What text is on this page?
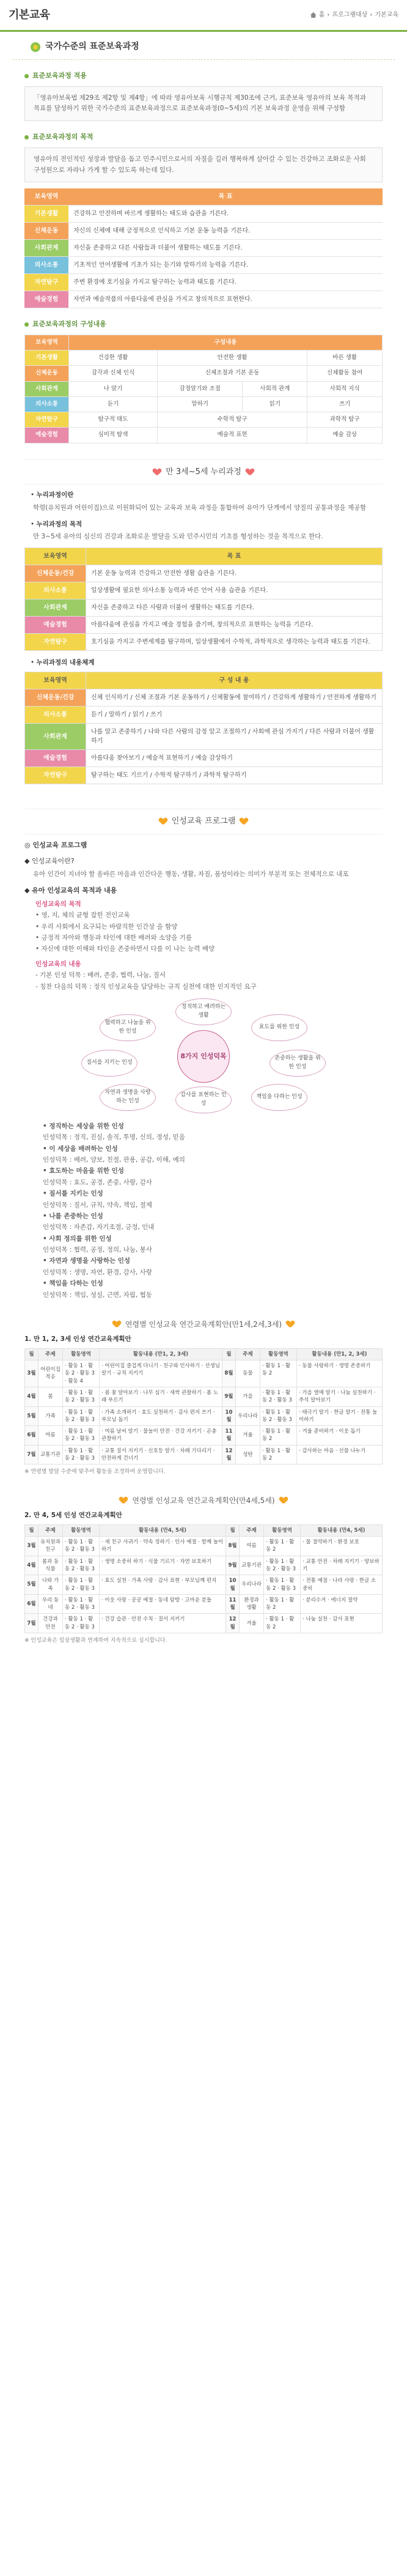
기본교육	홈 › 프로그램대상 › 기본교육
국가수준의 표준보육과정
표준보육과정 적용
「영유아보육법 제29조 제2항 및 제4항」에 따라 영유아보육 시행규칙 제30조에 근거, 표준보육 영유아의 보육 목적과 목표를 달성하기 위한 국가수준의 표준보육과정으로 표준보육과정(0~5세)의 기본 보육과정 운영을 위해 구성함
표준보육과정의 목적
영유아의 전인적인 성장과 발달을 돕고 민주시민으로서의 자질을 길러 행복하게 살아갈 수 있는 건강하고 조화로운 사회 구성원으로 자라나 가게 할 수 있도록 하는데 있다.
보육영역	목 표
기본생활	건강하고 안전하며 바르게 생활하는 태도와 습관을 기른다.
신체운동	자신의 신체에 대해 긍정적으로 인식하고 기본 운동 능력을 기른다.
사회관계	자신을 존중하고 다른 사람들과 더불어 생활하는 태도를 기른다.
의사소통	기초적인 언어생활에 기초가 되는 듣기와 말하기의 능력을 기른다.
자연탐구	주변 환경에 호기심을 가지고 탐구하는 능력과 태도를 기른다.
예술경험	자연과 예술작품의 아름다움에 관심을 가지고 창의적으로 표현한다.
표준보육과정의 구성내용
보육영역	구성내용			
기본생활	건강한 생활	안전한 생활		바른 생활
신체운동	감각과 신체 인식	신체조절과 기본 운동		신체활동 참여
사회관계	나 알기	감정알기와 조절	사회적 관계	사회적 지식
의사소통	듣기	말하기	읽기	쓰기
자연탐구	탐구적 태도	수학적 탐구		과학적 탐구
예술경험	심미적 탐색	예술적 표현		예술 감상
만 3세~5세 누리과정
• 누리과정이란

학령(유치원과 어린이집)으로 이원화되어 있는 교육과 보육 과정을 통합하여 유아가 단계에서 양질의 공통과정을 제공함

• 누리과정의 목적

만 3~5세 유아의 심신의 건강과 조화로운 발달을 도와 민주시민의 기초를 형성하는 것을 목적으로 한다.

보육영역	목 표
신체운동/건강	기본 운동 능력과 건강하고 안전한 생활 습관을 기른다.
의사소통	일상생활에 필요한 의사소통 능력과 바른 언어 사용 습관을 기른다.
사회관계	자신을 존중하고 다른 사람과 더불어 생활하는 태도를 기른다.
예술경험	아름다움에 관심을 가지고 예술 경험을 즐기며, 창의적으로 표현하는 능력을 기른다.
자연탐구	호기심을 가지고 주변세계를 탐구하며, 일상생활에서 수학적, 과학적으로 생각하는 능력과 태도를 기른다.
• 누리과정의 내용체계
보육영역	구 성 내 용
신체운동/건강	신체 인식하기 / 신체 조절과 기본 운동하기 / 신체활동에 참여하기 / 건강하게 생활하기 / 안전하게 생활하기
의사소통	듣기 / 말하기 / 읽기 / 쓰기
사회관계	나를 알고 존중하기 / 나와 다른 사람의 감정 알고 조절하기 / 사회에 관심 가지기 / 다른 사람과 더불어 생활하기
예술경험	아름다움 찾아보기 / 예술적 표현하기 / 예술 감상하기
자연탐구	탐구하는 태도 기르기 / 수학적 탐구하기 / 과학적 탐구하기
인성교육 프로그램
◎ 인성교육 프로그램
◆ 인성교육이란?

유아 인간이 지녀야 할 올바른 마음과 인간다운 행동, 생활, 자질, 품성이라는 의미가 부분적 또는 전체적으로 내포

◆ 유아 인성교육의 목적과 내용
인성교육의 목적
• 영, 지, 체의 균형 잡힌 전인교육
• 우리 사회에서 요구되는 바람직한 인간상 을 함양
• 긍정적 자아와 행동과 타인에 대한 배려와 소양을 기름
• 자신에 대한 이해와 타인을 존중하면서 다를 이 나는 능력 배양
인성교육의 내용
- 기본 인성 덕목 : 배려, 존중, 협력, 나눔, 질서
- 칭찬 다음의 덕목 : 정직 인성교육을 담당하는 규칙 실천에 대한 인지적인 요구
8가지 인성덕목
정직하고 배려하는 생활
협력하고 나눔을 위한 인성
효도를 위한 인성
질서를 지키는 인성
존중하는 생활을 위한 인성
자연과 생명을 사랑하는 인성
책임을 다하는 인성
감사를 표현하는 인성
• 정직하는 세상을 위한 인성
인성덕목 : 정직, 진실, 솔직, 투명, 신의, 정성, 믿음
• 이 세상을 배려하는 인성
인성덕목 : 배려, 양보, 친절, 관용, 공감, 이해, 예의
• 효도하는 마음을 위한 인성
인성덕목 : 효도, 공경, 존중, 사랑, 감사
• 질서를 지키는 인성
인성덕목 : 질서, 규칙, 약속, 책임, 절제
• 나를 존중하는 인성
인성덕목 : 자존감, 자기조절, 긍정, 인내
• 사회 정의를 위한 인성
인성덕목 : 협력, 공정, 정의, 나눔, 봉사
• 자연과 생명을 사랑하는 인성
인성덕목 : 생명, 자연, 환경, 감사, 사랑
• 책임을 다하는 인성
인성덕목 : 책임, 성실, 근면, 자립, 협동
연령별 인성교육 연간교육계획안(만1세,2세,3세)
1. 만 1, 2, 3세 인성 연간교육계획안
월	주제	활동영역	활동내용 (만1, 2, 3세)	월	주제	활동영역	활동내용 (만1, 2, 3세)
3월	어린이집 적응	· 활동 1 · 활동 2 · 활동 3 · 활동 4	· 어린이집 즐겁게 다니기 · 친구와 인사하기 · 선생님 알기 · 규칙 지키기	8월	동물	· 활동 1 · 활동 2	· 동물 사랑하기 · 생명 존중하기
4월	봄	· 활동 1 · 활동 2 · 활동 3	· 봄 꽃 알아보기 · 나무 심기 · 새싹 관찰하기 · 봄 노래 부르기	9월	가을	· 활동 1 · 활동 2 · 활동 3	· 가을 열매 알기 · 나눔 실천하기 · 추석 알아보기
5월	가족	· 활동 1 · 활동 2 · 활동 3	· 가족 소개하기 · 효도 실천하기 · 감사 편지 쓰기 · 부모님 돕기	10월	우리나라	· 활동 1 · 활동 2 · 활동 3	· 태극기 알기 · 한글 알기 · 전통 놀이하기
6월	여름	· 활동 1 · 활동 2 · 활동 3	· 여름 날씨 알기 · 물놀이 안전 · 건강 지키기 · 곤충 관찰하기	11월	겨울	· 활동 1 · 활동 2	· 겨울 준비하기 · 이웃 돕기
7월	교통기관	· 활동 1 · 활동 2 · 활동 3	· 교통 질서 지키기 · 신호등 알기 · 차례 기다리기 · 안전하게 건너기	12월	성탄	· 활동 1 · 활동 2	· 감사하는 마음 · 선물 나누기
※ 연령별 발달 수준에 맞추어 활동을 조정하여 운영합니다.
연령별 인성교육 연간교육계획안(만4세,5세)
2. 만 4, 5세 인성 연간교육계획안
월	주제	활동영역	활동내용 (만4, 5세)	월	주제	활동영역	활동내용 (만4, 5세)
3월	유치원과 친구	· 활동 1 · 활동 2 · 활동 3	· 새 친구 사귀기 · 약속 정하기 · 인사 예절 · 함께 놀이하기	8월	여름	· 활동 1 · 활동 2	· 물 절약하기 · 환경 보호
4월	봄과 동식물	· 활동 1 · 활동 2 · 활동 3	· 생명 소중히 하기 · 식물 기르기 · 자연 보호하기	9월	교통기관	· 활동 1 · 활동 2 · 활동 3	· 교통 안전 · 차례 지키기 · 양보하기
5월	나와 가족	· 활동 1 · 활동 2 · 활동 3	· 효도 실천 · 가족 사랑 · 감사 표현 · 부모님께 편지	10월	우리나라	· 활동 1 · 활동 2 · 활동 3	· 전통 예절 · 나라 사랑 · 한글 소중히
6월	우리 동네	· 활동 1 · 활동 2 · 활동 3	· 이웃 사랑 · 공공 예절 · 동네 탐방 · 고마운 분들	11월	환경과 생활	· 활동 1 · 활동 2	· 분리수거 · 에너지 절약
7월	건강과 안전	· 활동 1 · 활동 2 · 활동 3	· 건강 습관 · 안전 수칙 · 질서 지키기	12월	겨울	· 활동 1 · 활동 2	· 나눔 실천 · 감사 표현
※ 인성교육은 일상생활과 연계하여 지속적으로 실시합니다.
